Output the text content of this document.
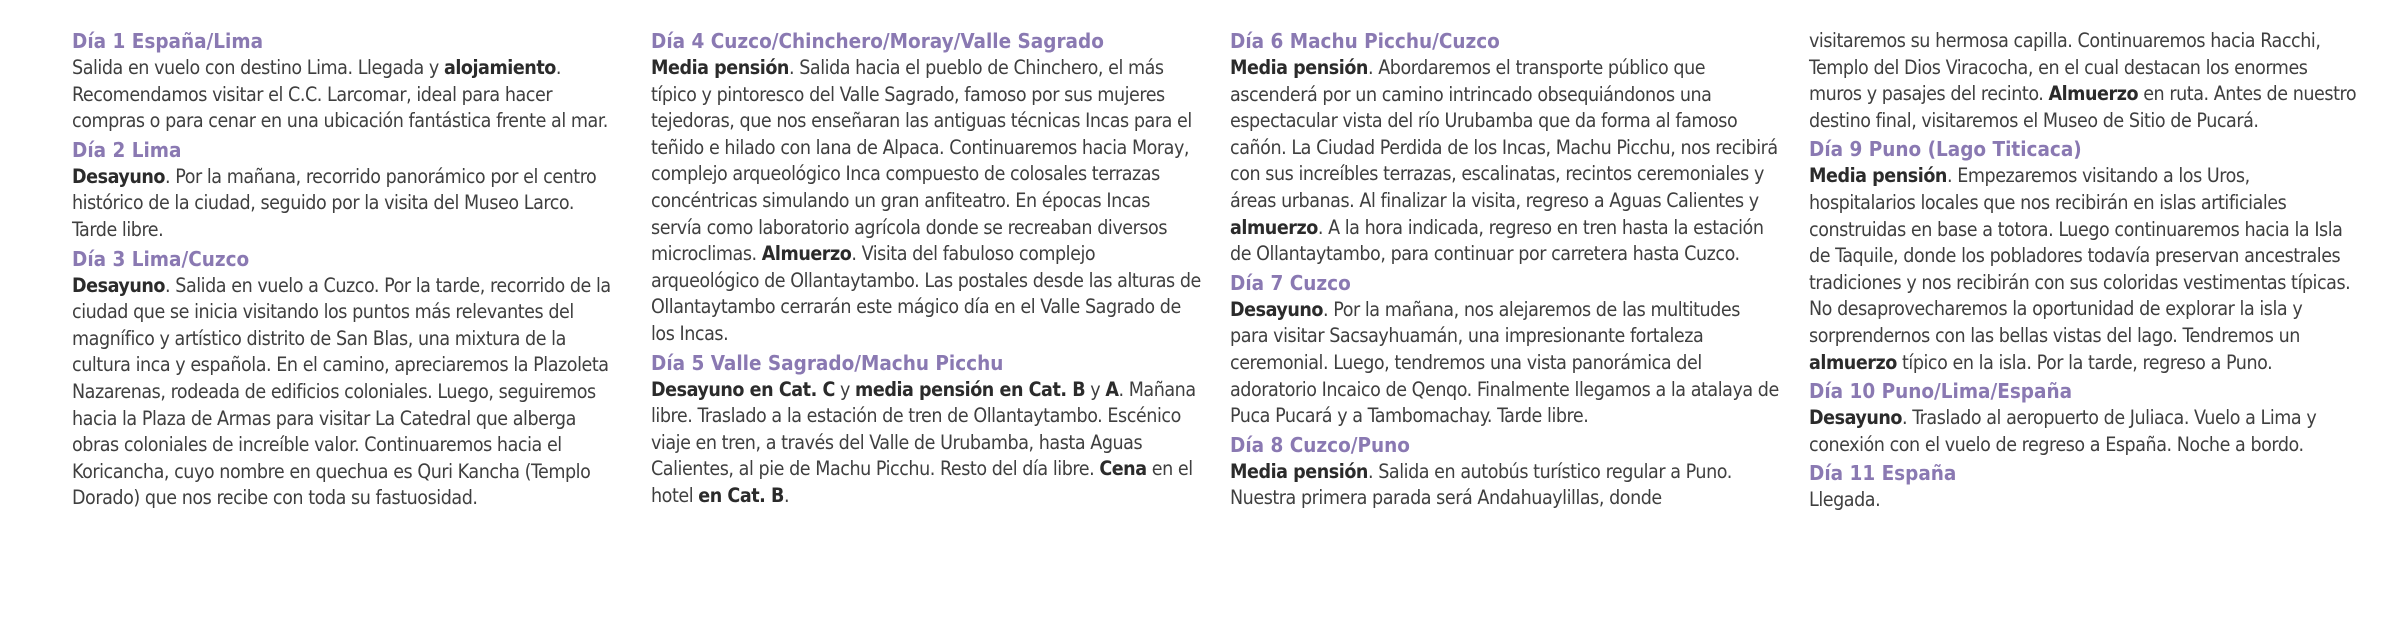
Día 1 España/Lima

Salida en vuelo con destino Lima. Llegada y alojamiento. Recomendamos visitar el C.C. Larcomar, ideal para hacer compras o para cenar en una ubicación fantástica frente al mar.

Día 2 Lima

Desayuno. Por la mañana, recorrido panorámico por el centro histórico de la ciudad, seguido por la visita del Museo Larco. Tarde libre.

Día 3 Lima/Cuzco

Desayuno. Salida en vuelo a Cuzco. Por la tarde, recorrido de la ciudad que se inicia visitando los puntos más relevantes del magnífico y artístico distrito de San Blas, una mixtura de la cultura inca y española. En el camino, apreciaremos la Plazoleta Nazarenas, rodeada de edificios coloniales. Luego, seguiremos hacia la Plaza de Armas para visitar La Catedral que alberga obras coloniales de increíble valor. Continuaremos hacia el Koricancha, cuyo nombre en quechua es Quri Kancha (Templo Dorado) que nos recibe con toda su fastuosidad.

Día 4 Cuzco/Chinchero/Moray/Valle Sagrado

Media pensión. Salida hacia el pueblo de Chinchero, el más típico y pintoresco del Valle Sagrado, famoso por sus mujeres tejedoras, que nos enseñaran las antiguas técnicas Incas para el teñido e hilado con lana de Alpaca. Continuaremos hacia Moray, complejo arqueológico Inca compuesto de colosales terrazas concéntricas simulando un gran anfiteatro. En épocas Incas servía como laboratorio agrícola donde se recreaban diversos microclimas. Almuerzo. Visita del fabuloso complejo arqueológico de Ollantaytambo. Las postales desde las alturas de Ollantaytambo cerrarán este mágico día en el Valle Sagrado de los Incas.

Día 5 Valle Sagrado/Machu Picchu

Desayuno en Cat. C y media pensión en Cat. B y A. Mañana libre. Traslado a la estación de tren de Ollantaytambo. Escénico viaje en tren, a través del Valle de Urubamba, hasta Aguas Calientes, al pie de Machu Picchu. Resto del día libre. Cena en el hotel en Cat. B.

Día 6 Machu Picchu/Cuzco

Media pensión. Abordaremos el transporte público que ascenderá por un camino intrincado obsequiándonos una espectacular vista del río Urubamba que da forma al famoso cañón. La Ciudad Perdida de los Incas, Machu Picchu, nos recibirá con sus increíbles terrazas, escalinatas, recintos ceremoniales y áreas urbanas. Al finalizar la visita, regreso a Aguas Calientes y almuerzo. A la hora indicada, regreso en tren hasta la estación de Ollantaytambo, para continuar por carretera hasta Cuzco.

Día 7 Cuzco

Desayuno. Por la mañana, nos alejaremos de las multitudes para visitar Sacsayhuamán, una impresionante fortaleza ceremonial. Luego, tendremos una vista panorámica del adoratorio Incaico de Qenqo. Finalmente llegamos a la atalaya de Puca Pucará y a Tambomachay. Tarde libre.

Día 8 Cuzco/Puno

Media pensión. Salida en autobús turístico regular a Puno. Nuestra primera parada será Andahuaylillas, donde

visitaremos su hermosa capilla. Continuaremos hacia Racchi, Templo del Dios Viracocha, en el cual destacan los enormes muros y pasajes del recinto. Almuerzo en ruta. Antes de nuestro destino final, visitaremos el Museo de Sitio de Pucará.

Día 9 Puno (Lago Titicaca)

Media pensión. Empezaremos visitando a los Uros, hospitalarios locales que nos recibirán en islas artificiales construidas en base a totora. Luego continuaremos hacia la Isla de Taquile, donde los pobladores todavía preservan ancestrales tradiciones y nos recibirán con sus coloridas vestimentas típicas. No desaprovecharemos la oportunidad de explorar la isla y sorprendernos con las bellas vistas del lago. Tendremos un almuerzo típico en la isla. Por la tarde, regreso a Puno.

Día 10 Puno/Lima/España

Desayuno. Traslado al aeropuerto de Juliaca. Vuelo a Lima y conexión con el vuelo de regreso a España. Noche a bordo.

Día 11 España

Llegada.
